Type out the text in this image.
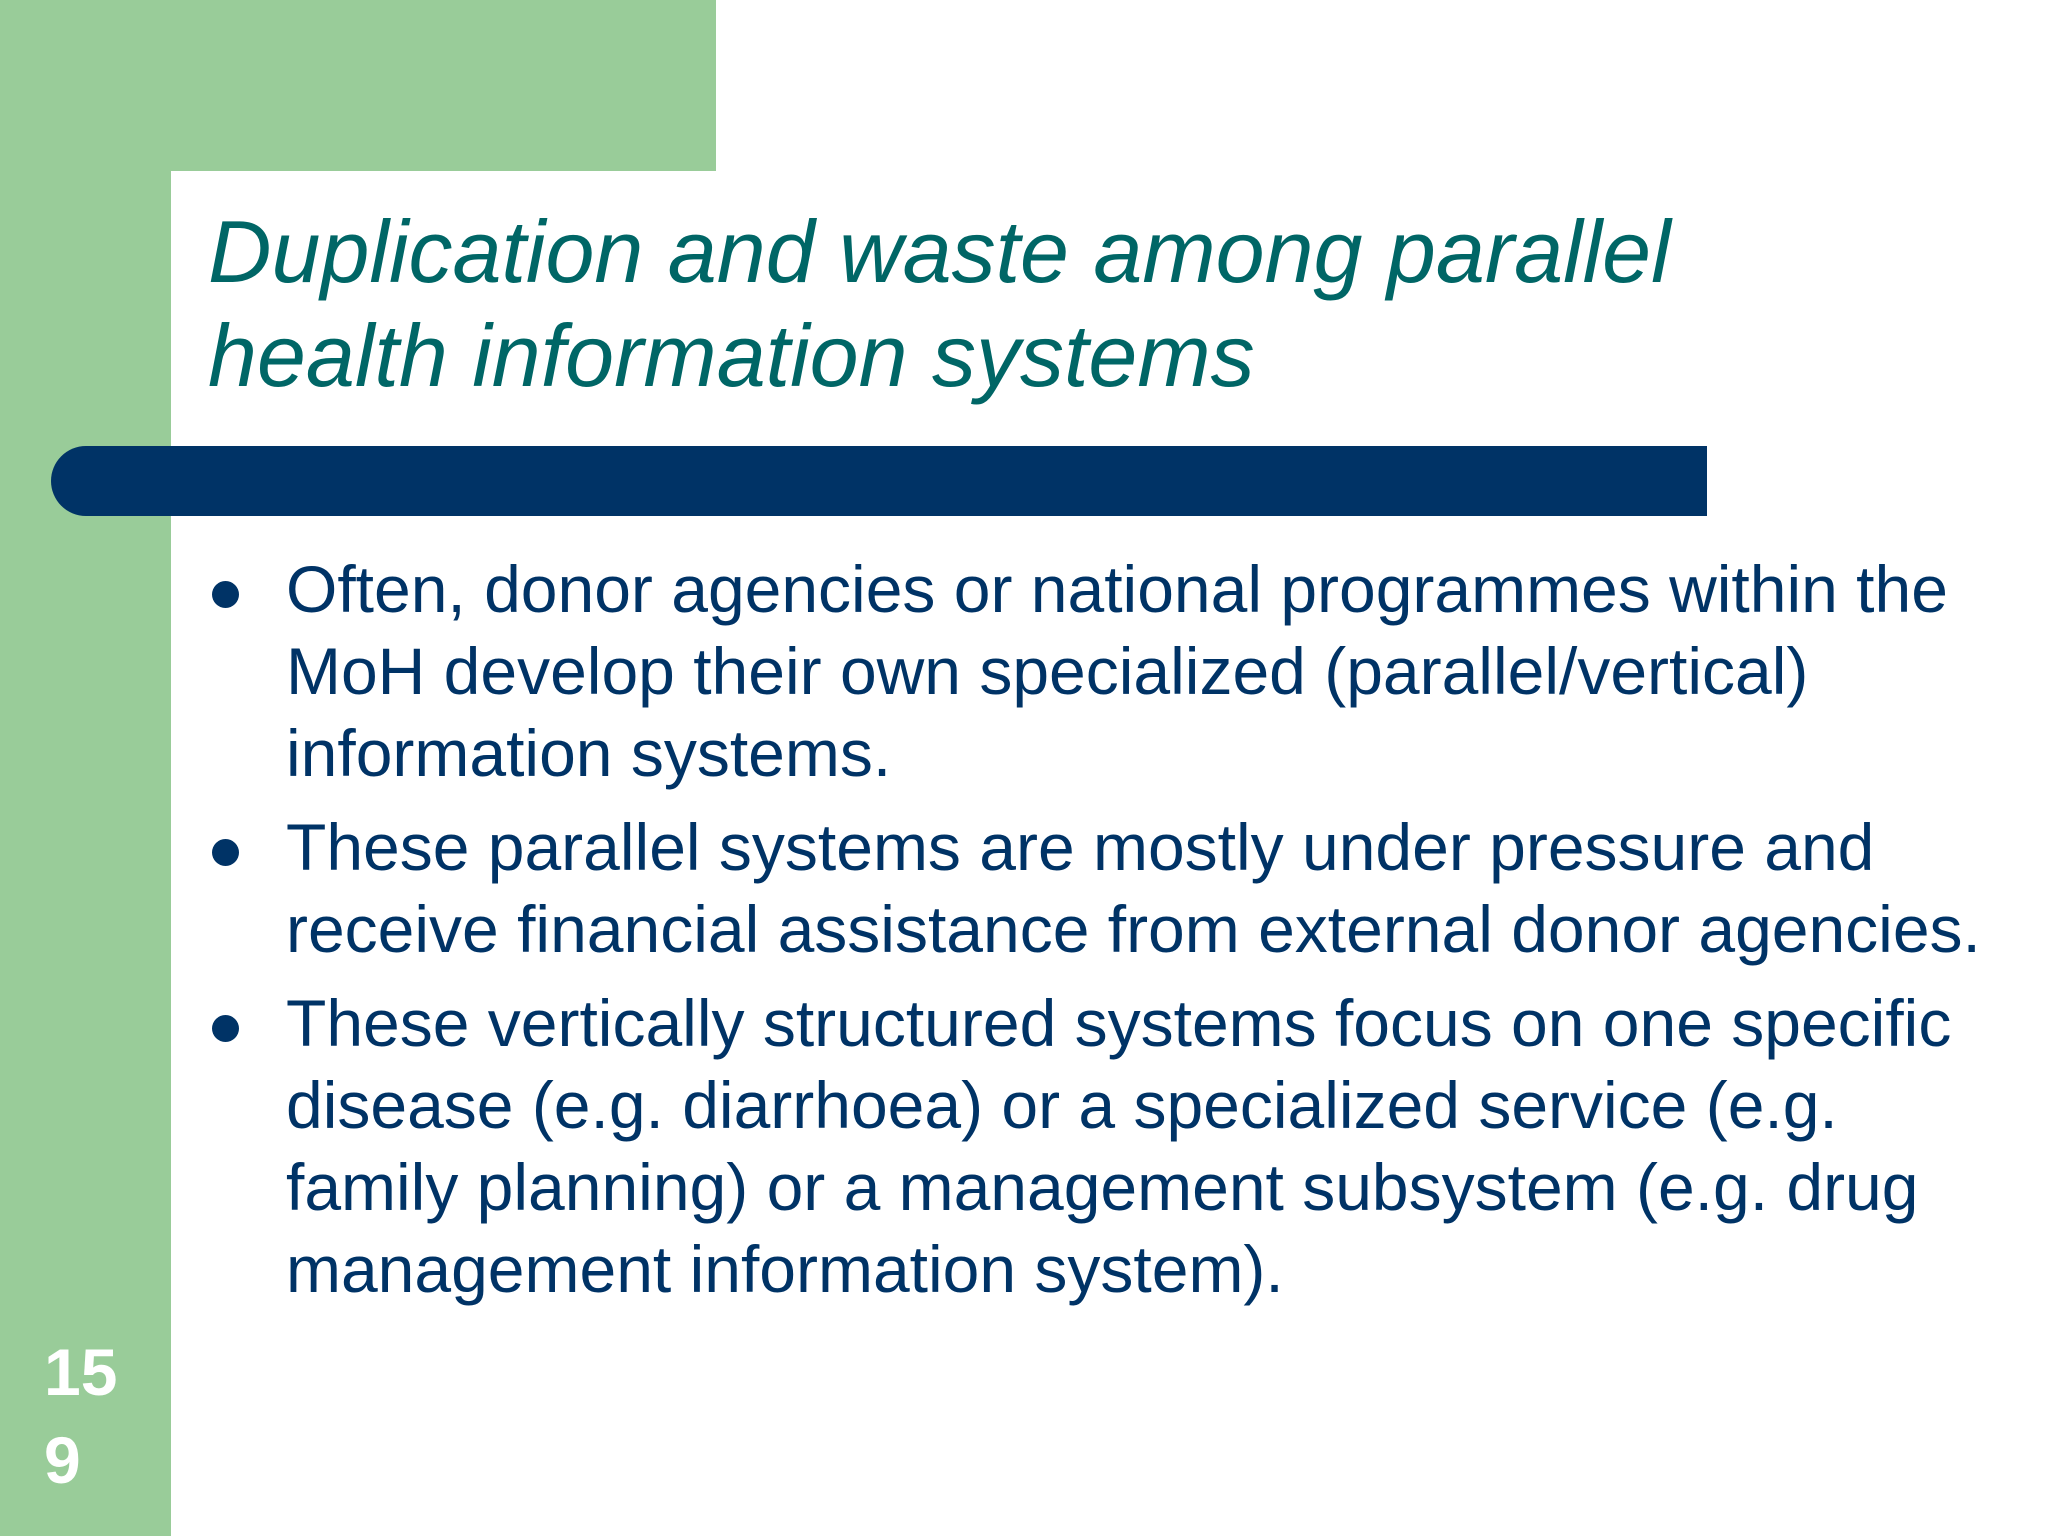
Duplication and waste among parallel health information systems
Often, donor agencies or national programmes within the MoH develop their own specialized (parallel/vertical) information systems.
These parallel systems are mostly under pressure and receive financial assistance from external donor agencies.
These vertically structured systems focus on one specific disease (e.g. diarrhoea) or a specialized service (e.g. family planning) or a management subsystem (e.g. drug management information system).
159
